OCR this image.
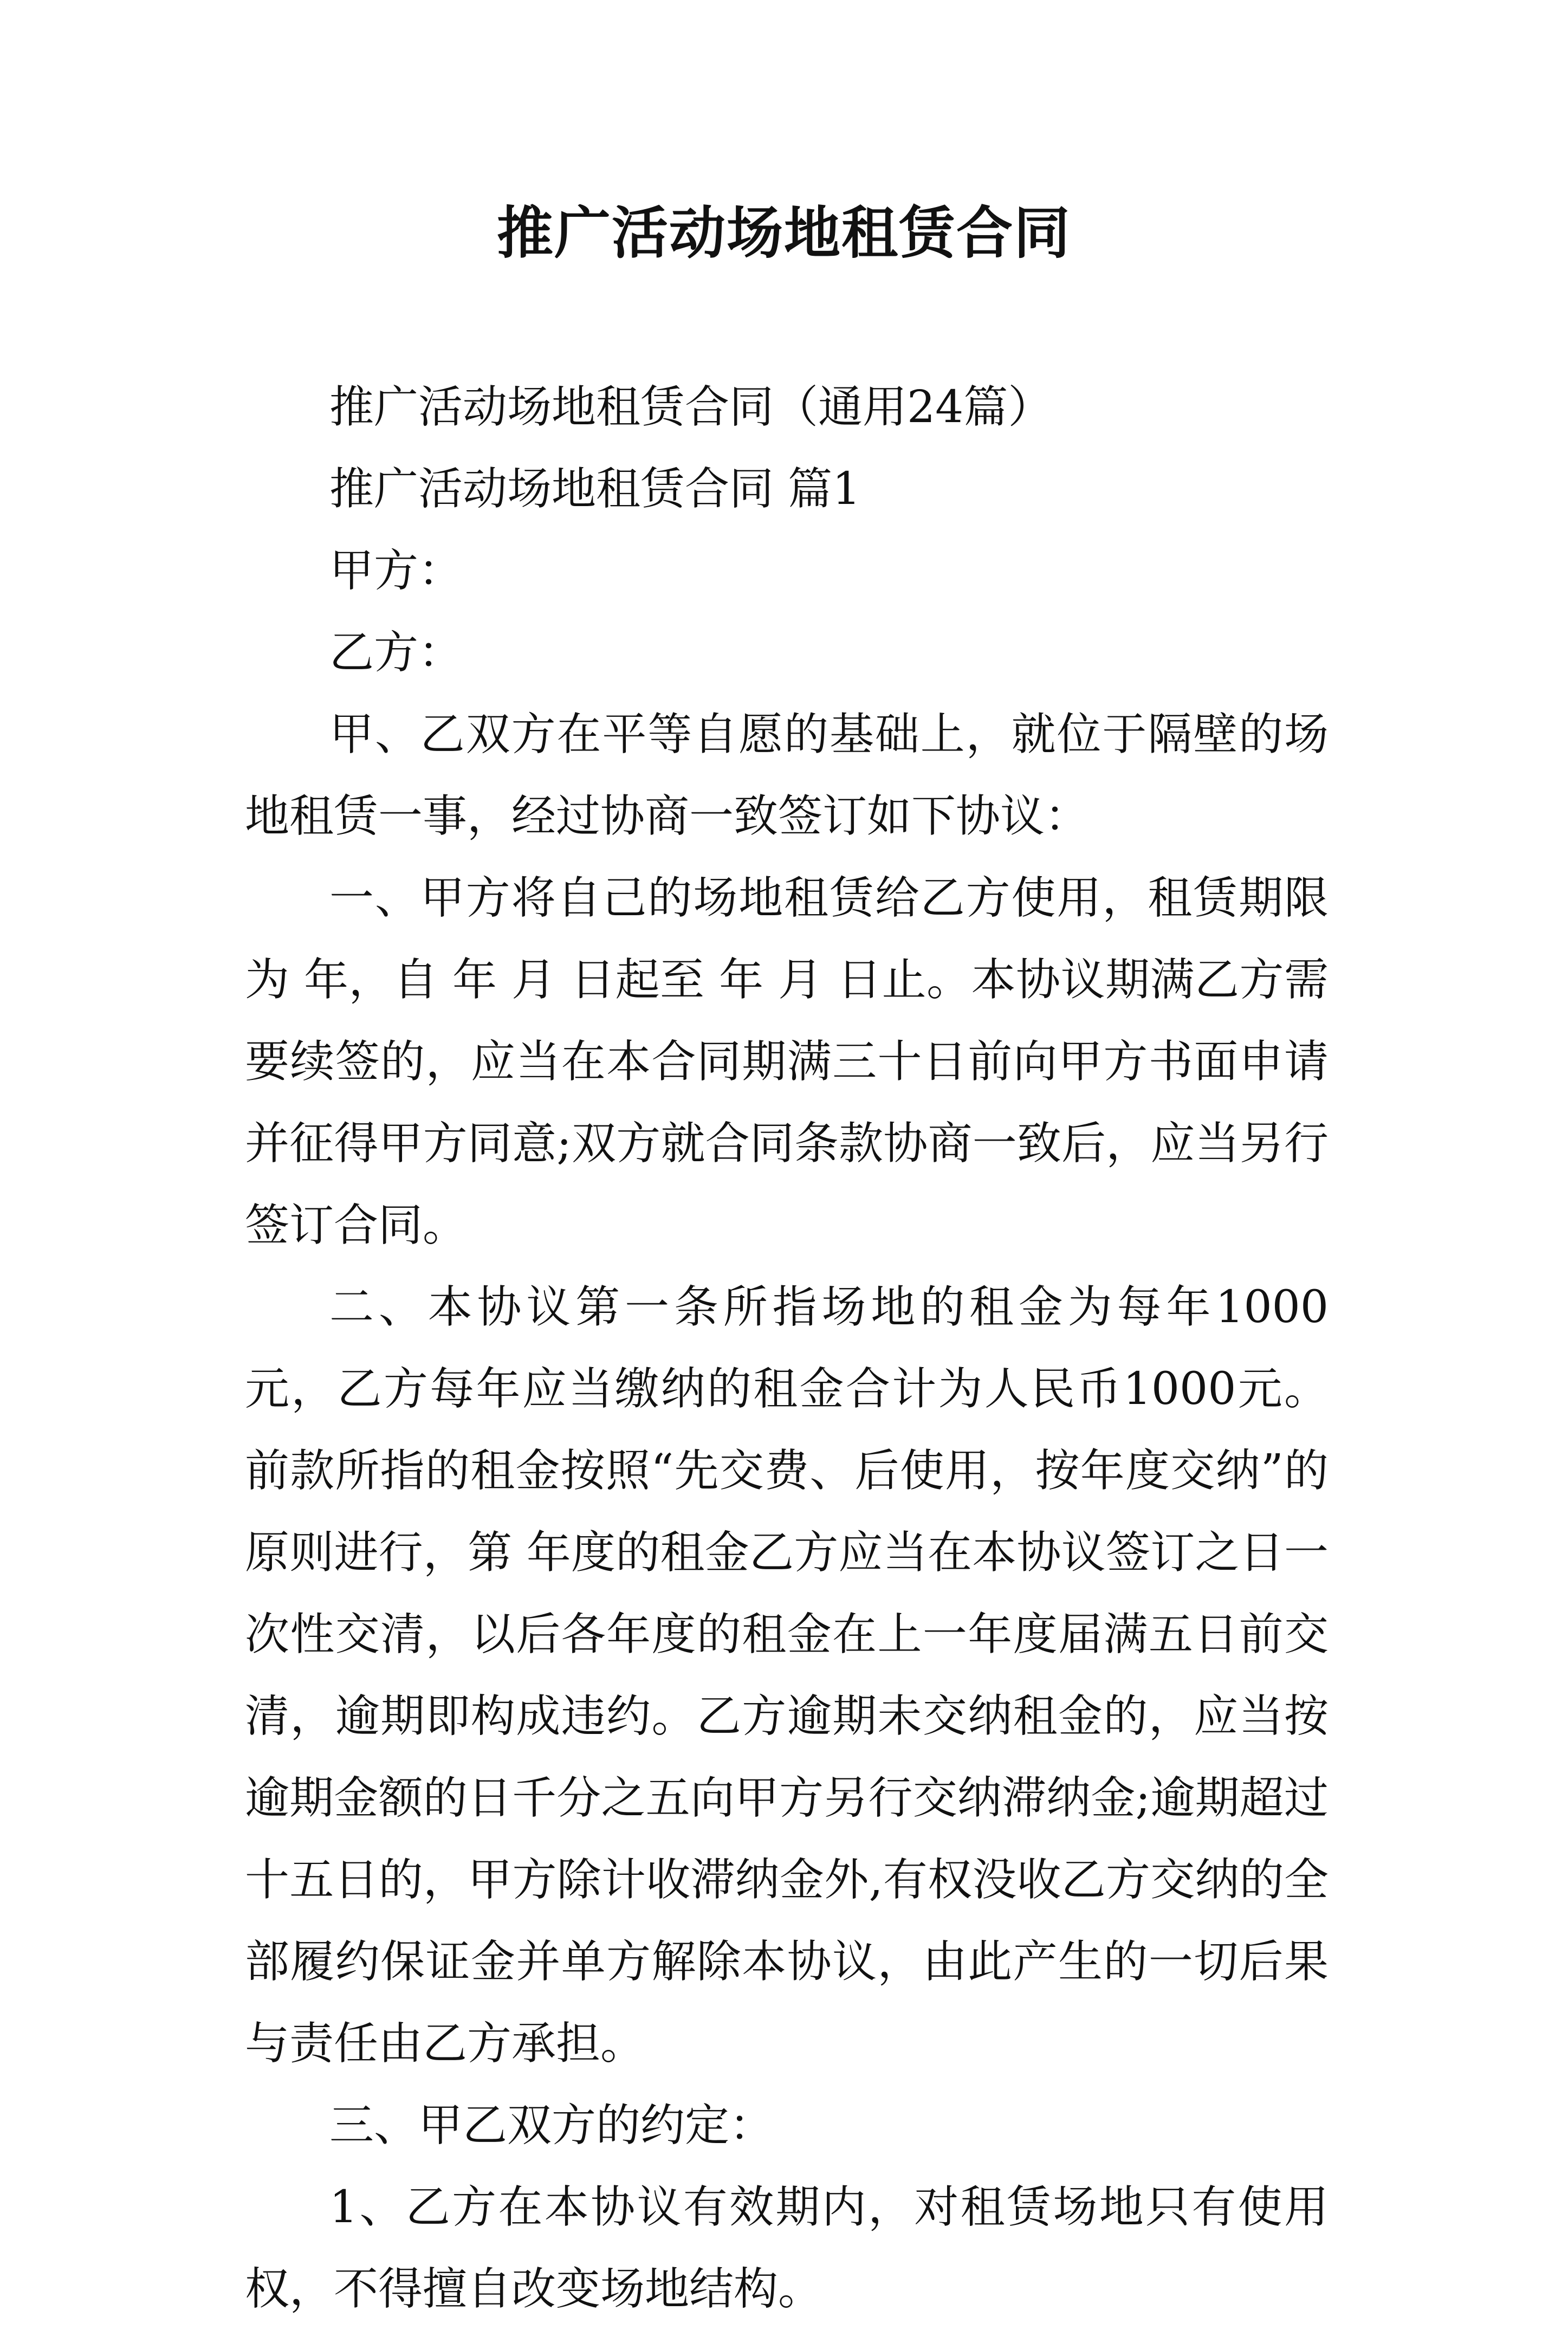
推广活动场地租赁合同

推广活动场地租赁合同（通用24篇）

推广活动场地租赁合同 篇1

甲方：

乙方：

甲、乙双方在平等自愿的基础上，就位于隔壁的场地租赁一事，经过协商一致签订如下协议：

一、甲方将自己的场地租赁给乙方使用，租赁期限为 年，自 年 月 日起至 年 月 日止。本协议期满乙方需要续签的，应当在本合同期满三十日前向甲方书面申请并征得甲方同意;双方就合同条款协商一致后，应当另行签订合同。

二、本协议第一条所指场地的租金为每年1000元，乙方每年应当缴纳的租金合计为人民币1000元。前款所指的租金按照“先交费、后使用，按年度交纳”的原则进行，第 年度的租金乙方应当在本协议签订之日一次性交清，以后各年度的租金在上一年度届满五日前交清，逾期即构成违约。乙方逾期未交纳租金的，应当按逾期金额的日千分之五向甲方另行交纳滞纳金;逾期超过十五日的，甲方除计收滞纳金外,有权没收乙方交纳的全部履约保证金并单方解除本协议，由此产生的一切后果与责任由乙方承担。

三、甲乙双方的约定：

1、乙方在本协议有效期内，对租赁场地只有使用权，不得擅自改变场地结构。
